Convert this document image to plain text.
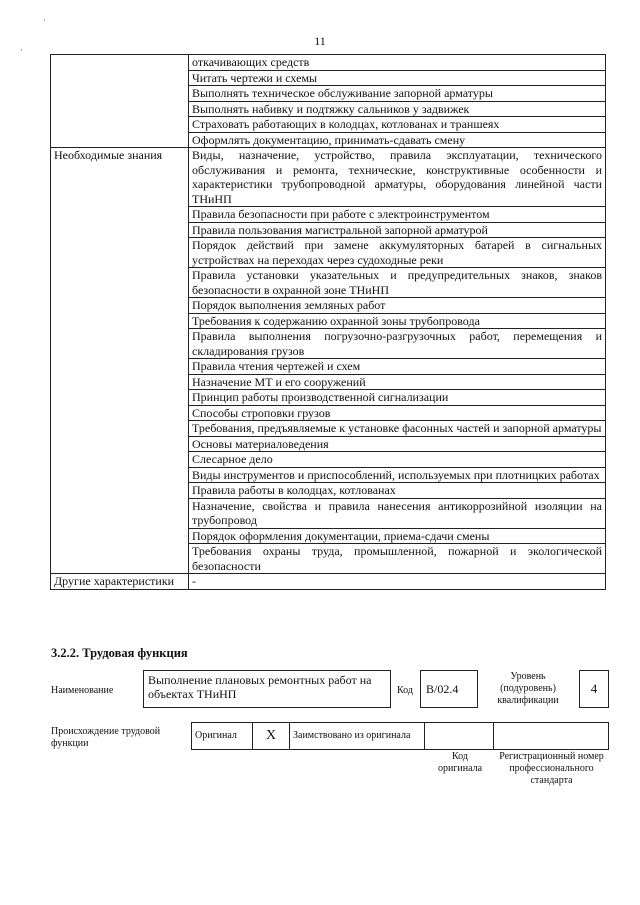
11
·
·
	откачивающих средств
	Читать чертежи и схемы
	Выполнять техническое обслуживание запорной арматуры
	Выполнять набивку и подтяжку сальников у задвижек
	Страховать работающих в колодцах, котлованах и траншеях
	Оформлять документацию, принимать-сдавать смену
Необходимые знания	Виды, назначение, устройство, правила эксплуатации, технического обслуживания и ремонта, технические, конструктивные особенности и характеристики трубопроводной арматуры, оборудования линейной части ТНиНП
	Правила безопасности при работе с электроинструментом
	Правила пользования магистральной запорной арматурой
	Порядок действий при замене аккумуляторных батарей в сигнальных устройствах на переходах через судоходные реки
	Правила установки указательных и предупредительных знаков, знаков безопасности в охранной зоне ТНиНП
	Порядок выполнения земляных работ
	Требования к содержанию охранной зоны трубопровода
	Правила выполнения погрузочно-разгрузочных работ, перемещения и складирования грузов
	Правила чтения чертежей и схем
	Назначение МТ и его сооружений
	Принцип работы производственной сигнализации
	Способы строповки грузов
	Требования, предъявляемые к установке фасонных частей и запорной арматуры
	Основы материаловедения
	Слесарное дело
	Виды инструментов и приспособлений, используемых при плотницких работах
	Правила работы в колодцах, котлованах
	Назначение, свойства и правила нанесения антикоррозийной изоляции на трубопровод
	Порядок оформления документации, приема-сдачи смены
	Требования охраны труда, промышленной, пожарной и экологической безопасности
Другие характеристики	-
3.2.2. Трудовая функция
Наименование
Выполнение плановых ремонтных работ на объектах ТНиНП	Код	В/02.4
Уровень (подуровень) квалификации
4
Происхождение трудовой функции
Оригинал	X	Заимствовано из оригинала		
Код оригинала
Регистрационный номер профессионального стандарта
